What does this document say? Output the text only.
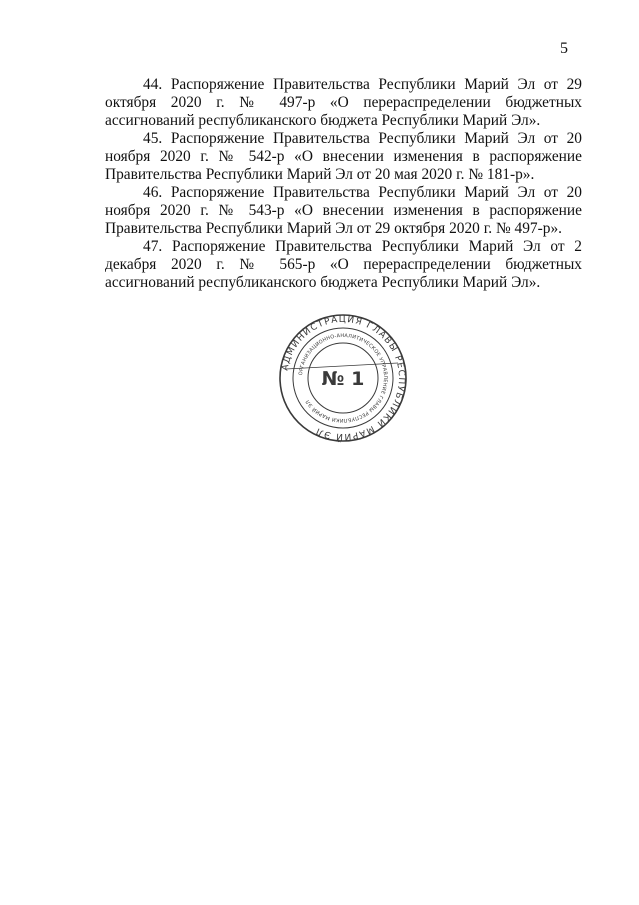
5

44. Распоряжение Правительства Республики Марий Эл от 29 октября 2020 г. № 497-р «О перераспределении бюджетных ассигнований республиканского бюджета Республики Марий Эл».

45. Распоряжение Правительства Республики Марий Эл от 20 ноября 2020 г. № 542-р «О внесении изменения в распоряжение Правительства Республики Марий Эл от 20 мая 2020 г. № 181-р».

46. Распоряжение Правительства Республики Марий Эл от 20 ноября 2020 г. № 543-р «О внесении изменения в распоряжение Правительства Республики Марий Эл от 29 октября 2020 г. № 497-р».

47. Распоряжение Правительства Республики Марий Эл от 2 декабря 2020 г. № 565-р «О перераспределении бюджетных ассигнований республиканского бюджета Республики Марий Эл».

АДМИНИСТРАЦИЯ ГЛАВЫ РЕСПУБЛИКИ МАРИЙ ЭЛ
ОРГАНИЗАЦИОННО-АНАЛИТИЧЕСКОЕ УПРАВЛЕНИЕ ГЛАВЫ РЕСПУБЛИКИ МАРИЙ ЭЛ
№ 1
